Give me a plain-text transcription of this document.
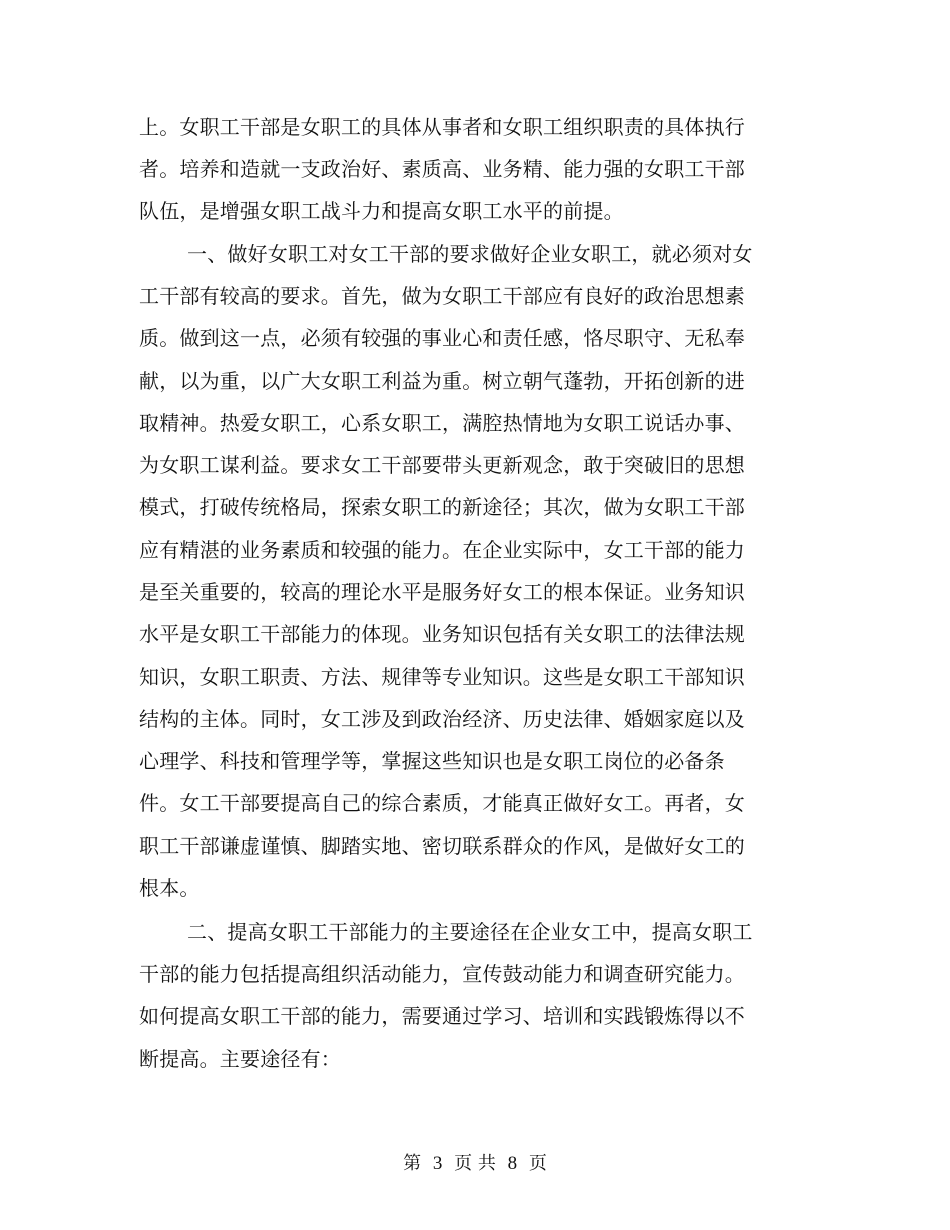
上。女职工干部是女职工的具体从事者和女职工组织职责的具体执行
者。培养和造就一支政治好、素质高、业务精、能力强的女职工干部
队伍，是增强女职工战斗力和提高女职工水平的前提。
一、做好女职工对女工干部的要求做好企业女职工，就必须对女
工干部有较高的要求。首先，做为女职工干部应有良好的政治思想素
质。做到这一点，必须有较强的事业心和责任感，恪尽职守、无私奉
献，以为重，以广大女职工利益为重。树立朝气蓬勃，开拓创新的进
取精神。热爱女职工，心系女职工，满腔热情地为女职工说话办事、
为女职工谋利益。要求女工干部要带头更新观念，敢于突破旧的思想
模式，打破传统格局，探索女职工的新途径；其次，做为女职工干部
应有精湛的业务素质和较强的能力。在企业实际中，女工干部的能力
是至关重要的，较高的理论水平是服务好女工的根本保证。业务知识
水平是女职工干部能力的体现。业务知识包括有关女职工的法律法规
知识，女职工职责、方法、规律等专业知识。这些是女职工干部知识
结构的主体。同时，女工涉及到政治经济、历史法律、婚姻家庭以及
心理学、科技和管理学等，掌握这些知识也是女职工岗位的必备条
件。女工干部要提高自己的综合素质，才能真正做好女工。再者，女
职工干部谦虚谨慎、脚踏实地、密切联系群众的作风，是做好女工的
根本。
二、提高女职工干部能力的主要途径在企业女工中，提高女职工
干部的能力包括提高组织活动能力，宣传鼓动能力和调查研究能力。
如何提高女职工干部的能力，需要通过学习、培训和实践锻炼得以不
断提高。主要途径有：
第 3 页 共 8 页
